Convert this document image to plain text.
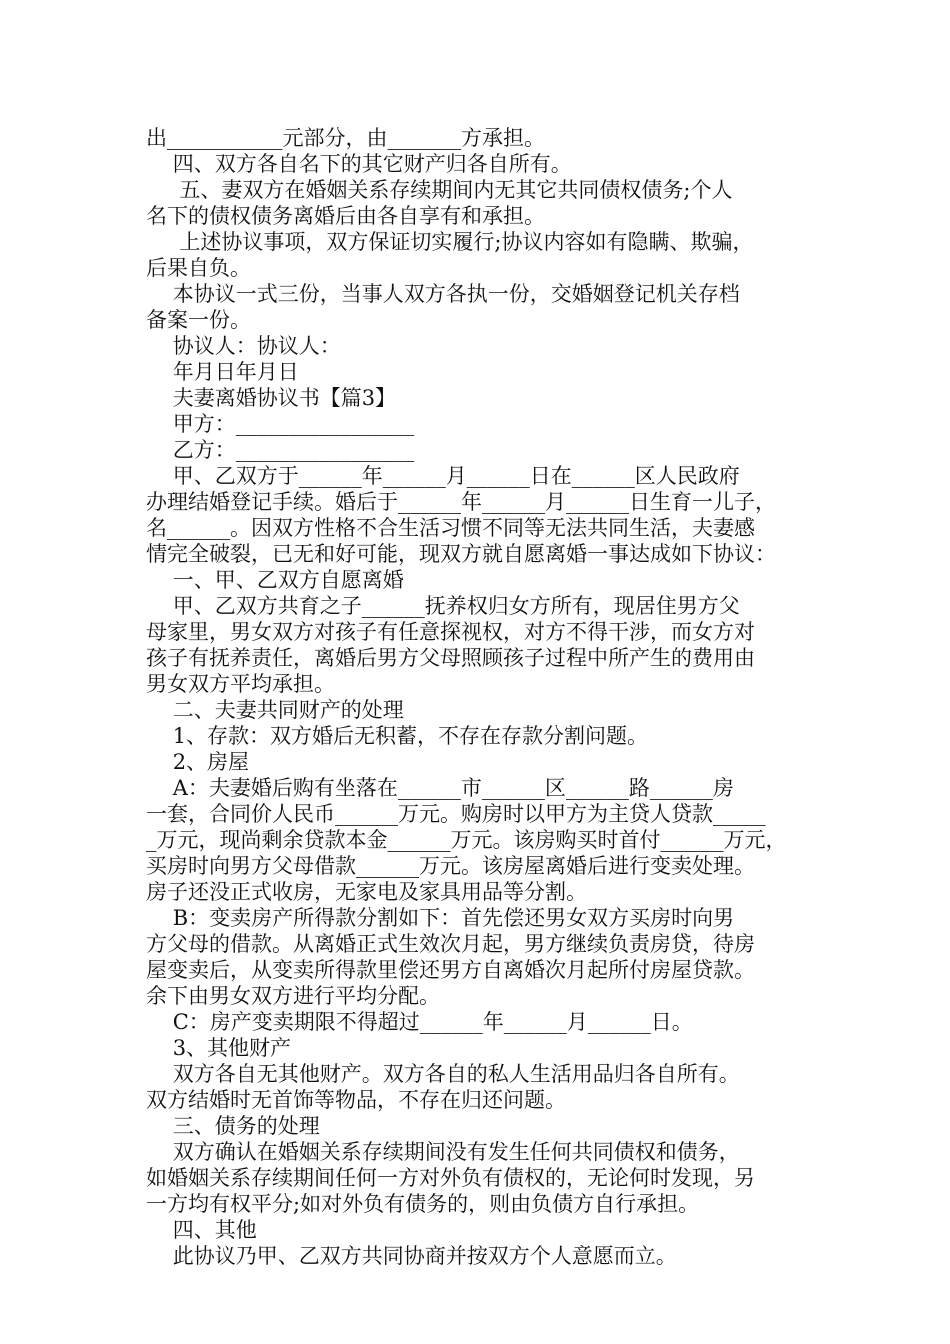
出___________元部分，由_______方承担。
四、双方各自名下的其它财产归各自所有。
五、妻双方在婚姻关系存续期间内无其它共同债权债务;个人
名下的债权债务离婚后由各自享有和承担。
上述协议事项，双方保证切实履行;协议内容如有隐瞒、欺骗，
后果自负。
本协议一式三份，当事人双方各执一份，交婚姻登记机关存档
备案一份。
协议人：协议人：
年月日年月日
夫妻离婚协议书【篇3】
甲方：_________________
乙方：_________________
甲、乙双方于______年______月______日在______区人民政府
办理结婚登记手续。婚后于______年______月______日生育一儿子，
名______。因双方性格不合生活习惯不同等无法共同生活，夫妻感
情完全破裂，已无和好可能，现双方就自愿离婚一事达成如下协议：
一、甲、乙双方自愿离婚
甲、乙双方共育之子______抚养权归女方所有，现居住男方父
母家里，男女双方对孩子有任意探视权，对方不得干涉，而女方对
孩子有抚养责任，离婚后男方父母照顾孩子过程中所产生的费用由
男女双方平均承担。
二、夫妻共同财产的处理
1、存款：双方婚后无积蓄，不存在存款分割问题。
2、房屋
A：夫妻婚后购有坐落在______市______区______路______房
一套，合同价人民币______万元。购房时以甲方为主贷人贷款_____
_万元，现尚剩余贷款本金______万元。该房购买时首付______万元，
买房时向男方父母借款______万元。该房屋离婚后进行变卖处理。
房子还没正式收房，无家电及家具用品等分割。
B：变卖房产所得款分割如下：首先偿还男女双方买房时向男
方父母的借款。从离婚正式生效次月起，男方继续负责房贷，待房
屋变卖后，从变卖所得款里偿还男方自离婚次月起所付房屋贷款。
余下由男女双方进行平均分配。
C：房产变卖期限不得超过______年______月______日。
3、其他财产
双方各自无其他财产。双方各自的私人生活用品归各自所有。
双方结婚时无首饰等物品，不存在归还问题。
三、债务的处理
双方确认在婚姻关系存续期间没有发生任何共同债权和债务，
如婚姻关系存续期间任何一方对外负有债权的，无论何时发现，另
一方均有权平分;如对外负有债务的，则由负债方自行承担。
四、其他
此协议乃甲、乙双方共同协商并按双方个人意愿而立。
